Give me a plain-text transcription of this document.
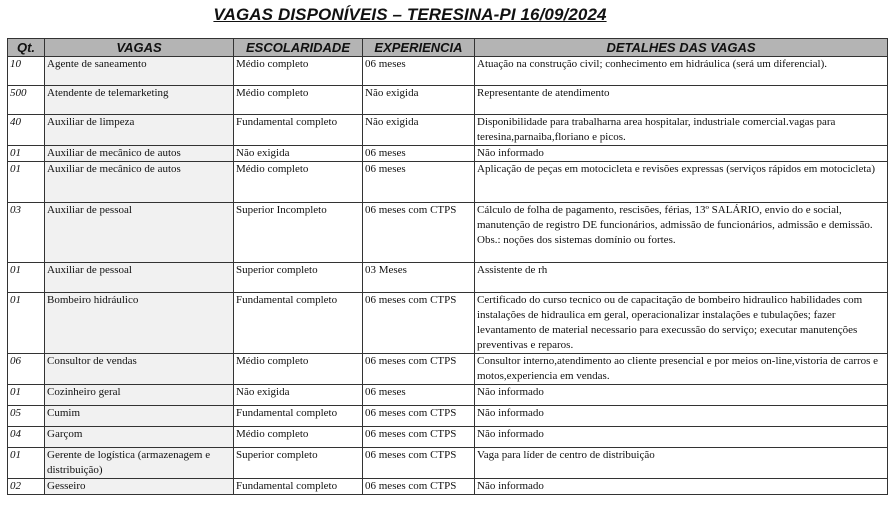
VAGAS DISPONÍVEIS – TERESINA-PI 16/09/2024
Qt.	VAGAS	ESCOLARIDADE	EXPERIENCIA	DETALHES DAS VAGAS
10	Agente de saneamento	Médio completo	06 meses	Atuação na construção civil; conhecimento em hidráulica (será um diferencial).
500	Atendente de telemarketing	Médio completo	Não exigida	Representante de atendimento
40	Auxiliar de limpeza	Fundamental completo	Não exigida	Disponibilidade para trabalharna area hospitalar, industriale comercial.vagas para teresina,parnaiba,floriano e picos.
01	Auxiliar de mecânico de autos	Não exigida	06 meses	Não informado
01	Auxiliar de mecânico de autos	Médio completo	06 meses	Aplicação de peças em motocicleta e revisões expressas (serviços rápidos em motocicleta)
03	Auxiliar de pessoal	Superior Incompleto	06 meses com CTPS	Cálculo de folha de pagamento, rescisões, férias, 13º SALÁRIO, envio do e social, manutenção de registro DE funcionários, admissão de funcionários, admissão e demissão. Obs.: noções dos sistemas domínio ou fortes.
01	Auxiliar de pessoal	Superior completo	03 Meses	Assistente de rh
01	Bombeiro hidráulico	Fundamental completo	06 meses com CTPS	Certificado do curso tecnico ou de capacitação de bombeiro hidraulico habilidades com instalações de hidraulica em geral, operacionalizar instalações e tubulações; fazer levantamento de material necessario para execussão do serviço; executar manutenções preventivas e reparos.
06	Consultor de vendas	Médio completo	06 meses com CTPS	Consultor interno,atendimento ao cliente presencial e por meios on-line,vistoria de carros e motos,experiencia em vendas.
01	Cozinheiro geral	Não exigida	06 meses	Não informado
05	Cumim	Fundamental completo	06 meses com CTPS	Não informado
04	Garçom	Médio completo	06 meses com CTPS	Não informado
01	Gerente de logística (armazenagem e distribuição)	Superior completo	06 meses com CTPS	Vaga para líder de centro de distribuição
02	Gesseiro	Fundamental completo	06 meses com CTPS	Não informado
